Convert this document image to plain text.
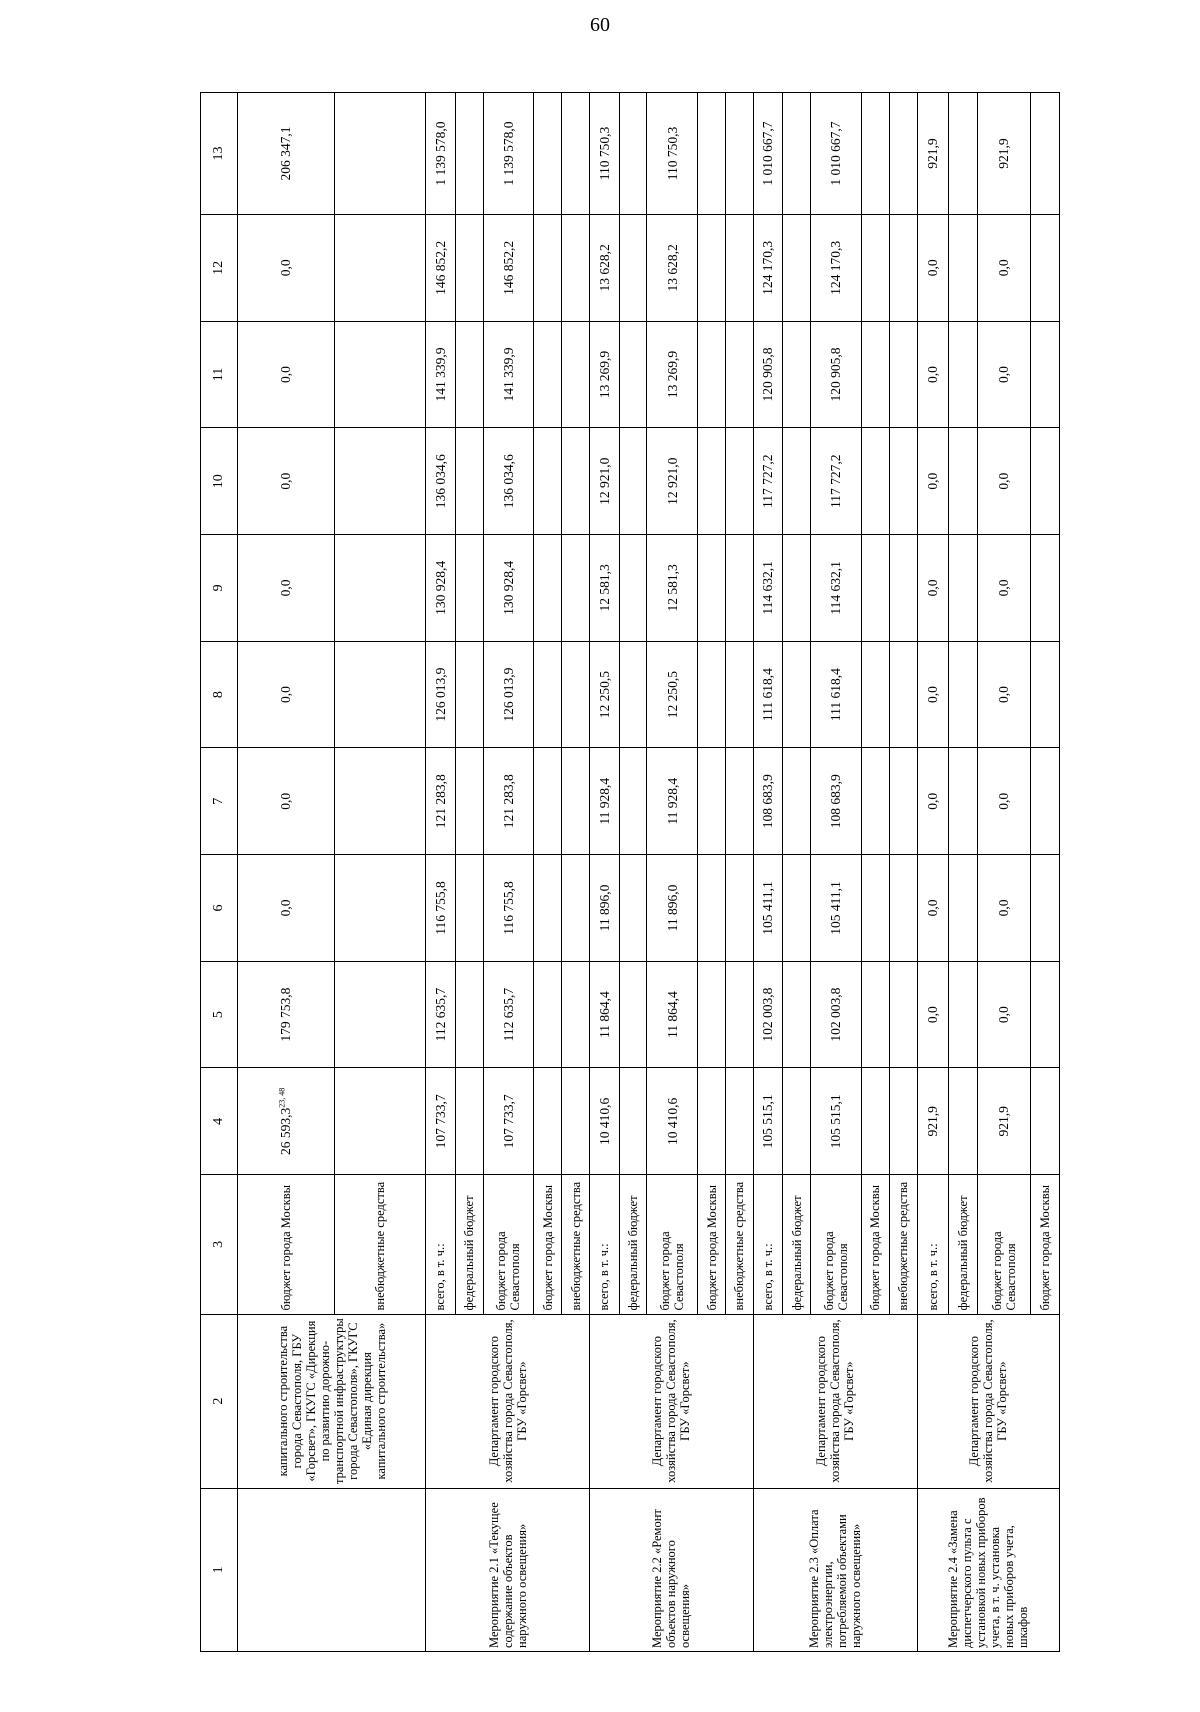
60
1	2	3	4	5	6	7	8	9	10	11	12	13
	капитального строительства города Севастополя, ГБУ «Горсвет», ГКУГС «Дирекция по развитию дорожно-транспортной инфраструктуры города Севастополя», ГКУГС «Единая дирекция капитального строительства»	бюджет города Москвы	26 593,3$^{23, 48}$	179 753,8	0,0	0,0	0,0	0,0	0,0	0,0	0,0	206 347,1
		внебюджетные средства										
Мероприятие 2.1 «Текущее содержание объектов наружного освещения»	Департамент городского хозяйства города Севастополя, ГБУ «Горсвет»	всего, в т. ч.:	107 733,7	112 635,7	116 755,8	121 283,8	126 013,9	130 928,4	136 034,6	141 339,9	146 852,2	1 139 578,0
		федеральный бюджет										
		бюджет города Севастополя	107 733,7	112 635,7	116 755,8	121 283,8	126 013,9	130 928,4	136 034,6	141 339,9	146 852,2	1 139 578,0
		бюджет города Москвы										
		внебюджетные средства										
Мероприятие 2.2 «Ремонт объектов наружного освещения»	Департамент городского хозяйства города Севастополя, ГБУ «Горсвет»	всего, в т. ч.:	10 410,6	11 864,4	11 896,0	11 928,4	12 250,5	12 581,3	12 921,0	13 269,9	13 628,2	110 750,3
		федеральный бюджет										
		бюджет города Севастополя	10 410,6	11 864,4	11 896,0	11 928,4	12 250,5	12 581,3	12 921,0	13 269,9	13 628,2	110 750,3
		бюджет города Москвы										
		внебюджетные средства										
Мероприятие 2.3 «Оплата электроэнергии, потребляемой объектами наружного освещения»	Департамент городского хозяйства города Севастополя, ГБУ «Горсвет»	всего, в т. ч.:	105 515,1	102 003,8	105 411,1	108 683,9	111 618,4	114 632,1	117 727,2	120 905,8	124 170,3	1 010 667,7
		федеральный бюджет										
		бюджет города Севастополя	105 515,1	102 003,8	105 411,1	108 683,9	111 618,4	114 632,1	117 727,2	120 905,8	124 170,3	1 010 667,7
		бюджет города Москвы										
		внебюджетные средства										
Мероприятие 2.4 «Замена диспетчерского пульта с установкой новых приборов учета, в т. ч. установка новых приборов учета, шкафов	Департамент городского хозяйства города Севастополя, ГБУ «Горсвет»	всего, в т. ч.:	921,9	0,0	0,0	0,0	0,0	0,0	0,0	0,0	0,0	921,9
		федеральный бюджет										
		бюджет города Севастополя	921,9	0,0	0,0	0,0	0,0	0,0	0,0	0,0	0,0	921,9
		бюджет города Москвы										
